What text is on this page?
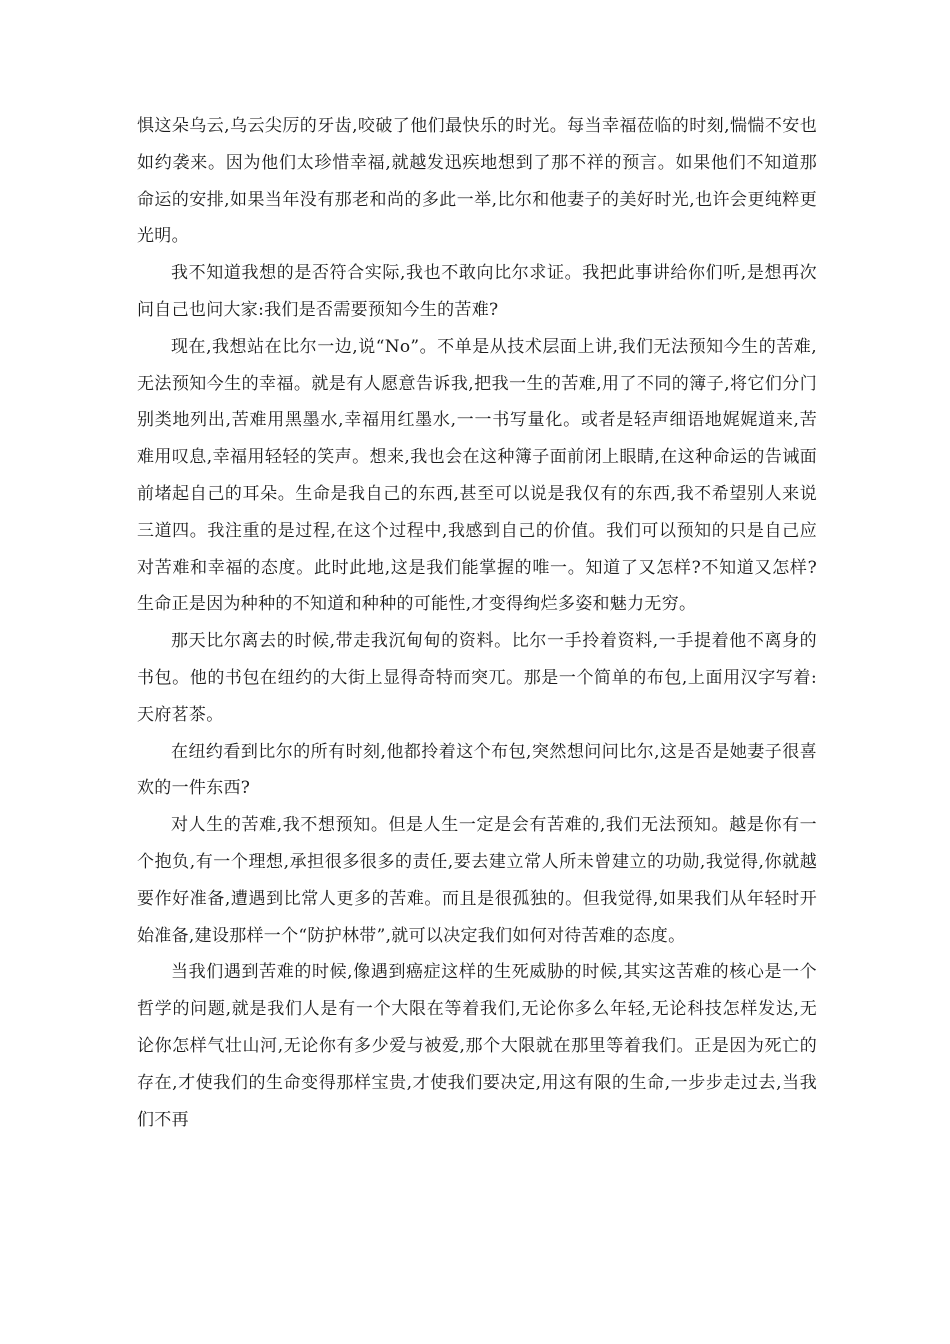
惧这朵乌云,乌云尖厉的牙齿,咬破了他们最快乐的时光。每当幸福莅临的时刻,惴惴不安也如约袭来。因为他们太珍惜幸福,就越发迅疾地想到了那不祥的预言。如果他们不知道那命运的安排,如果当年没有那老和尚的多此一举,比尔和他妻子的美好时光,也许会更纯粹更光明。

我不知道我想的是否符合实际,我也不敢向比尔求证。我把此事讲给你们听,是想再次问自己也问大家:我们是否需要预知今生的苦难?

现在,我想站在比尔一边,说“No”。不单是从技术层面上讲,我们无法预知今生的苦难,无法预知今生的幸福。就是有人愿意告诉我,把我一生的苦难,用了不同的簿子,将它们分门别类地列出,苦难用黑墨水,幸福用红墨水,一一书写量化。或者是轻声细语地娓娓道来,苦难用叹息,幸福用轻轻的笑声。想来,我也会在这种簿子面前闭上眼睛,在这种命运的告诫面前堵起自己的耳朵。生命是我自己的东西,甚至可以说是我仅有的东西,我不希望别人来说三道四。我注重的是过程,在这个过程中,我感到自己的价值。我们可以预知的只是自己应对苦难和幸福的态度。此时此地,这是我们能掌握的唯一。知道了又怎样?不知道又怎样?生命正是因为种种的不知道和种种的可能性,才变得绚烂多姿和魅力无穷。

那天比尔离去的时候,带走我沉甸甸的资料。比尔一手拎着资料,一手提着他不离身的书包。他的书包在纽约的大街上显得奇特而突兀。那是一个简单的布包,上面用汉字写着:天府茗茶。

在纽约看到比尔的所有时刻,他都拎着这个布包,突然想问问比尔,这是否是她妻子很喜欢的一件东西?

对人生的苦难,我不想预知。但是人生一定是会有苦难的,我们无法预知。越是你有一个抱负,有一个理想,承担很多很多的责任,要去建立常人所未曾建立的功勋,我觉得,你就越要作好准备,遭遇到比常人更多的苦难。而且是很孤独的。但我觉得,如果我们从年轻时开始准备,建设那样一个“防护林带”,就可以决定我们如何对待苦难的态度。

当我们遇到苦难的时候,像遇到癌症这样的生死威胁的时候,其实这苦难的核心是一个哲学的问题,就是我们人是有一个大限在等着我们,无论你多么年轻,无论科技怎样发达,无论你怎样气壮山河,无论你有多少爱与被爱,那个大限就在那里等着我们。正是因为死亡的存在,才使我们的生命变得那样宝贵,才使我们要决定,用这有限的生命,一步步走过去,当我们不再
